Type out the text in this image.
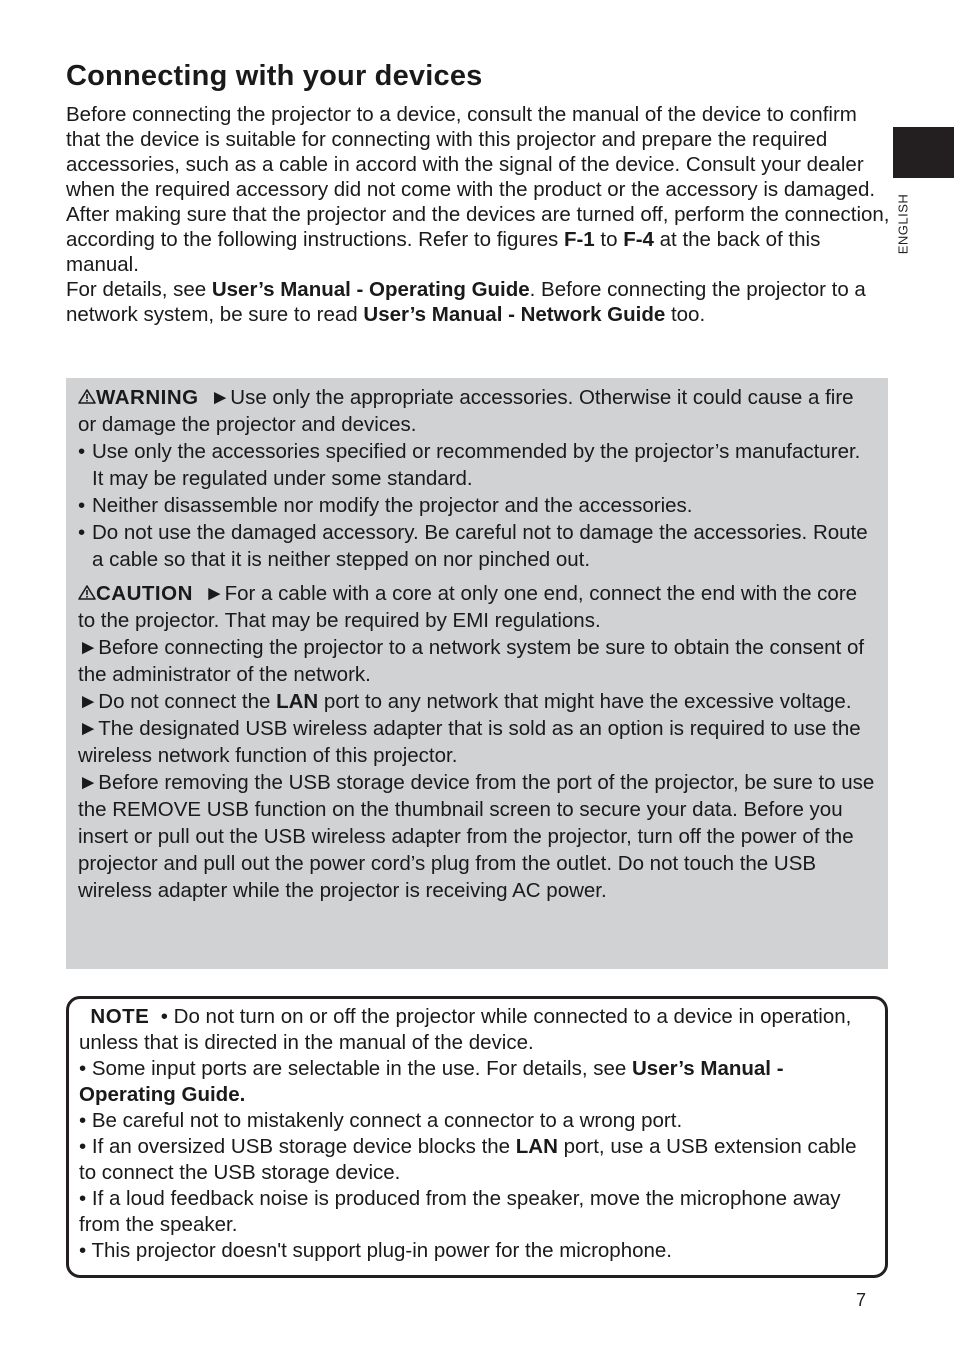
Connecting with your devices
ENGLISH

Before connecting the projector to a device, consult the manual of the device to confirm that the device is suitable for connecting with this projector and prepare the required accessories, such as a cable in accord with the signal of the device. Consult your dealer when the required accessory did not come with the product or the accessory is damaged.

After making sure that the projector and the devices are turned off, perform the connection, according to the following instructions. Refer to figures F-1 to F-4 at the back of this manual.

For details, see User’s Manual - Operating Guide. Before connecting the projector to a network system, be sure to read User’s Manual - Network Guide too.

WARNING ►Use only the appropriate accessories. Otherwise it could cause a fire or damage the projector and devices.

• Use only the accessories specified or recommended by the projector’s manufacturer. It may be regulated under some standard.
• Neither disassemble nor modify the projector and the accessories.
• Do not use the damaged accessory. Be careful not to damage the accessories. Route a cable so that it is neither stepped on nor pinched out.

CAUTION ►For a cable with a core at only one end, connect the end with the core to the projector. That may be required by EMI regulations.

►Before connecting the projector to a network system be sure to obtain the consent of the administrator of the network.

►Do not connect the LAN port to any network that might have the excessive voltage.

►The designated USB wireless adapter that is sold as an option is required to use the wireless network function of this projector.

►Before removing the USB storage device from the port of the projector, be sure to use the REMOVE USB function on the thumbnail screen to secure your data. Before you insert or pull out the USB wireless adapter from the projector, turn off the power of the projector and pull out the power cord’s plug from the outlet. Do not touch the USB wireless adapter while the projector is receiving AC power.

NOTE • Do not turn on or off the projector while connected to a device in operation, unless that is directed in the manual of the device.

• Some input ports are selectable in the use. For details, see User’s Manual - Operating Guide.

• Be careful not to mistakenly connect a connector to a wrong port.

• If an oversized USB storage device blocks the LAN port, use a USB extension cable to connect the USB storage device.

• If a loud feedback noise is produced from the speaker, move the microphone away from the speaker.

• This projector doesn't support plug-in power for the microphone.

7
